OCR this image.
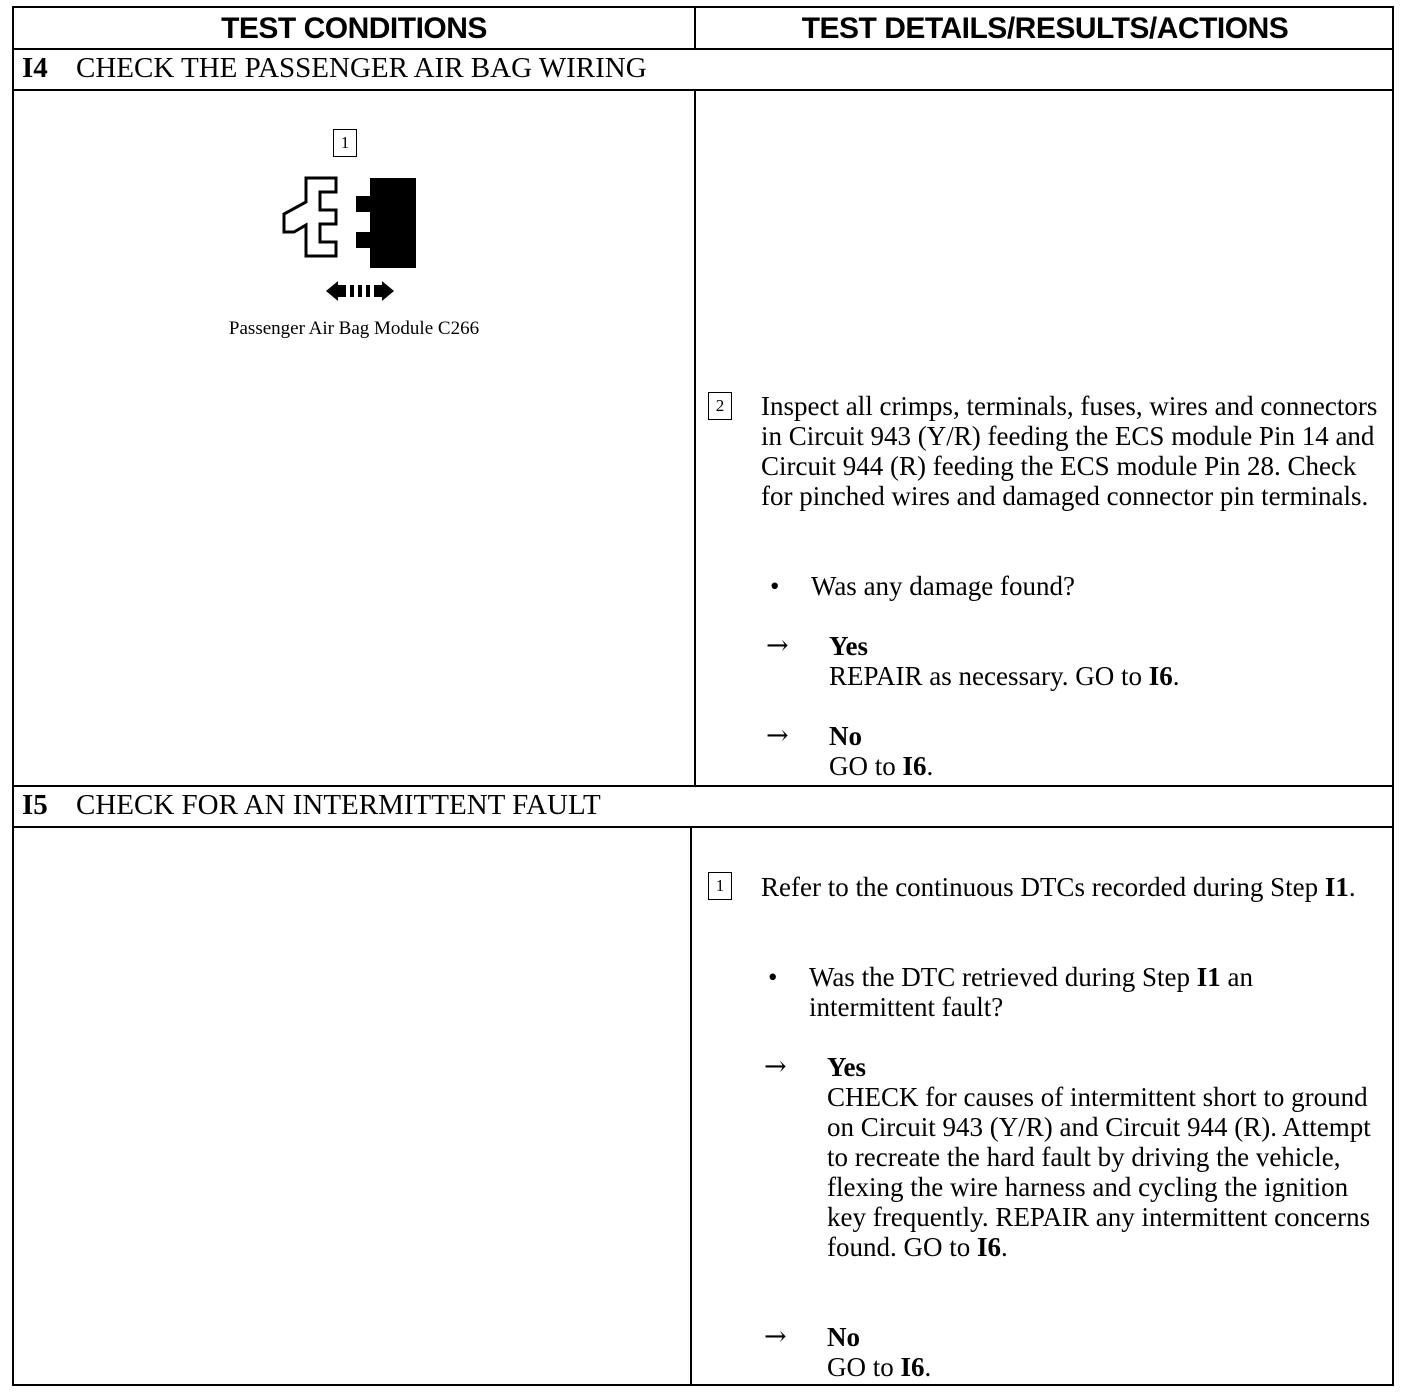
TEST CONDITIONS	TEST DETAILS/RESULTS/ACTIONS
I4 CHECK THE PASSENGER AIR BAG WIRING
1
Passenger Air Bag Module C266
2 Inspect all crimps, terminals, fuses, wires and connectors in Circuit 943 (Y/R) feeding the ECS module Pin 14 and Circuit 944 (R) feeding the ECS module Pin 28. Check for pinched wires and damaged connector pin terminals.
• Was any damage found?
→ Yes
REPAIR as necessary. GO to I6.
→ No
GO to I6.
I5 CHECK FOR AN INTERMITTENT FAULT
1 Refer to the continuous DTCs recorded during Step I1.
• Was the DTC retrieved during Step I1 an intermittent fault?
→ Yes
CHECK for causes of intermittent short to ground on Circuit 943 (Y/R) and Circuit 944 (R). Attempt to recreate the hard fault by driving the vehicle, flexing the wire harness and cycling the ignition key frequently. REPAIR any intermittent concerns found. GO to I6.
→ No
GO to I6.
